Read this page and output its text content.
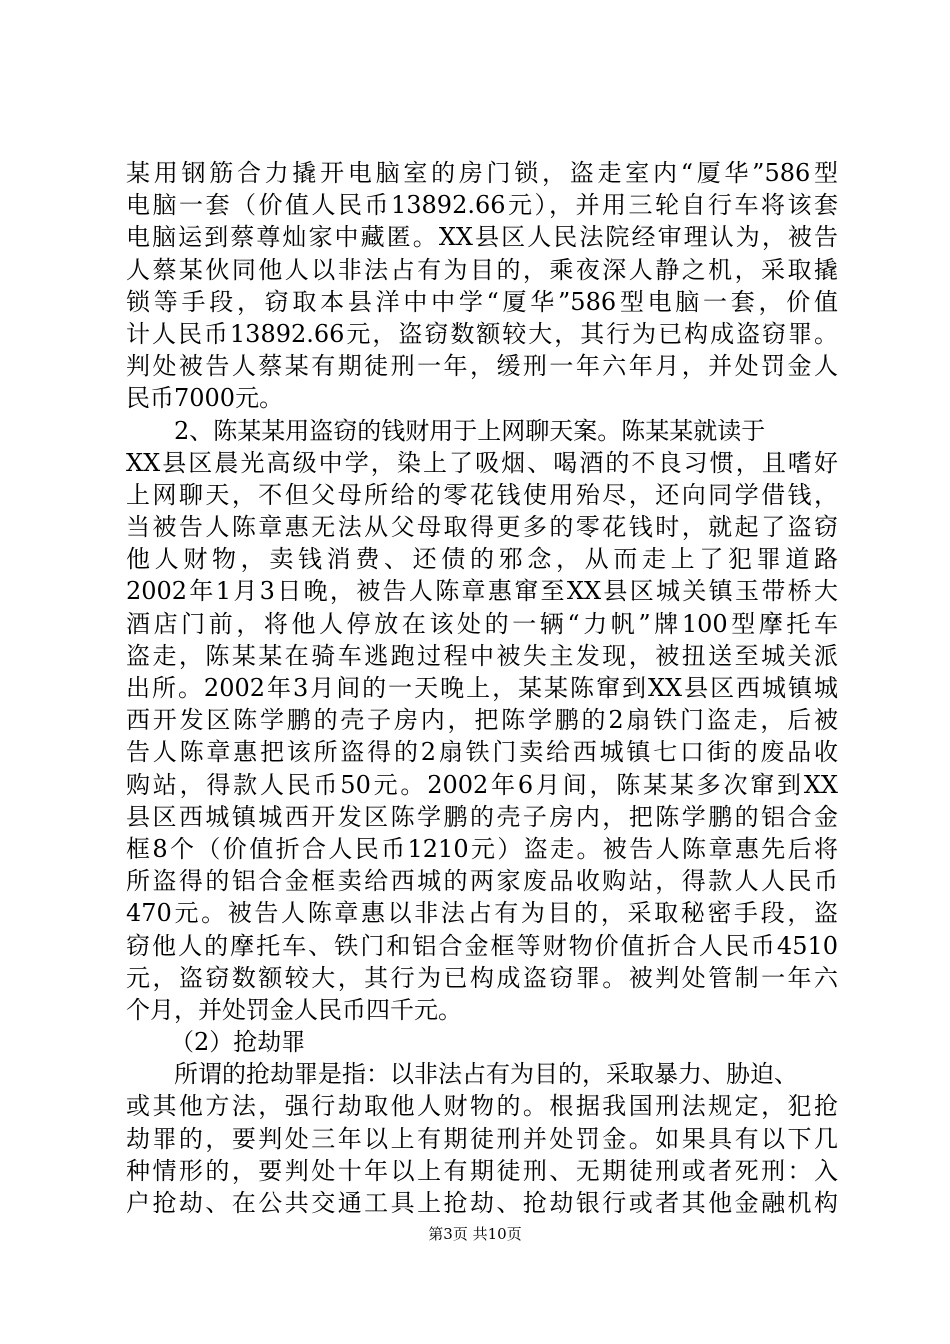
某用钢筋合力撬开电脑室的房门锁，盗走室内“厦华”586型
电脑一套（价值人民币13892.66元），并用三轮自行车将该套
电脑运到蔡尊灿家中藏匿。XX县区人民法院经审理认为，被告
人蔡某伙同他人以非法占有为目的，乘夜深人静之机，采取撬
锁等手段，窃取本县洋中中学“厦华”586型电脑一套，价值
计人民币13892.66元，盗窃数额较大，其行为已构成盗窃罪。
判处被告人蔡某有期徒刑一年，缓刑一年六年月，并处罚金人
民币7000元。
2、陈某某用盗窃的钱财用于上网聊天案。陈某某就读于
XX县区晨光高级中学，染上了吸烟、喝酒的不良习惯，且嗜好
上网聊天，不但父母所给的零花钱使用殆尽，还向同学借钱，
当被告人陈章惠无法从父母取得更多的零花钱时，就起了盗窃
他人财物，卖钱消费、还债的邪念，从而走上了犯罪道路
2002年1月3日晚，被告人陈章惠窜至XX县区城关镇玉带桥大
酒店门前，将他人停放在该处的一辆“力帆”牌100型摩托车
盗走，陈某某在骑车逃跑过程中被失主发现，被扭送至城关派
出所。2002年3月间的一天晚上，某某陈窜到XX县区西城镇城
西开发区陈学鹏的壳子房内，把陈学鹏的2扇铁门盗走，后被
告人陈章惠把该所盗得的2扇铁门卖给西城镇七口街的废品收
购站，得款人民币50元。2002年6月间，陈某某多次窜到XX
县区西城镇城西开发区陈学鹏的壳子房内，把陈学鹏的铝合金
框8个（价值折合人民币1210元）盗走。被告人陈章惠先后将
所盗得的铝合金框卖给西城的两家废品收购站，得款人人民币
470元。被告人陈章惠以非法占有为目的，采取秘密手段，盗
窃他人的摩托车、铁门和铝合金框等财物价值折合人民币4510
元，盗窃数额较大，其行为已构成盗窃罪。被判处管制一年六
个月，并处罚金人民币四千元。
（2）抢劫罪
所谓的抢劫罪是指：以非法占有为目的，采取暴力、胁迫、
或其他方法，强行劫取他人财物的。根据我国刑法规定，犯抢
劫罪的，要判处三年以上有期徒刑并处罚金。如果具有以下几
种情形的，要判处十年以上有期徒刑、无期徒刑或者死刑：入
户抢劫、在公共交通工具上抢劫、抢劫银行或者其他金融机构
第3页 共10页
